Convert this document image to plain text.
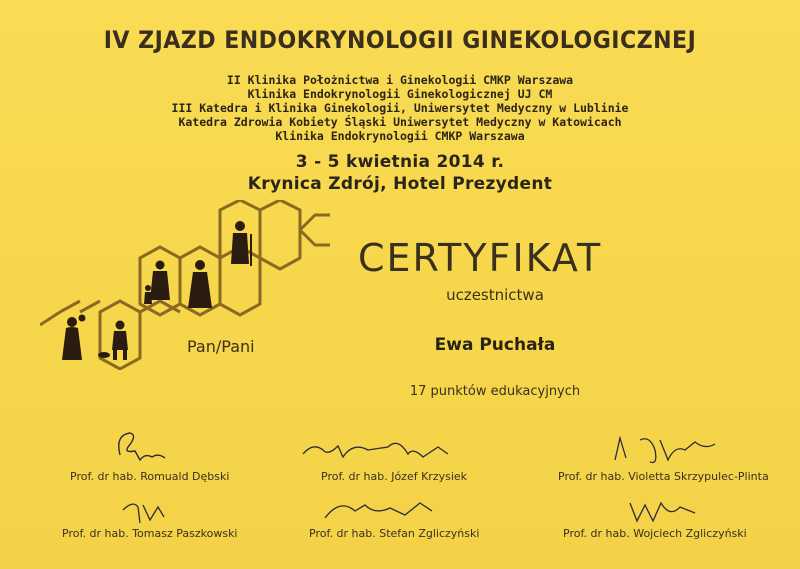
IV ZJAZD ENDOKRYNOLOGII GINEKOLOGICZNEJ
II Klinika Położnictwa i Ginekologii CMKP Warszawa
Klinika Endokrynologii Ginekologicznej UJ CM
III Katedra i Klinika Ginekologii, Uniwersytet Medyczny w Lublinie
Katedra Zdrowia Kobiety Śląski Uniwersytet Medyczny w Katowicach
Klinika Endokrynologii CMKP Warszawa
3 - 5 kwietnia 2014 r.
Krynica Zdrój, Hotel Prezydent
CERTYFIKAT
uczestnictwa
Pan/Pani	Ewa Puchała
17 punktów edukacyjnych
Prof. dr hab. Romuald Dębski	Prof. dr hab. Józef Krzysiek	Prof. dr hab. Violetta Skrzypulec-Plinta
Prof. dr hab. Tomasz Paszkowski	Prof. dr hab. Stefan Zgliczyński	Prof. dr hab. Wojciech Zgliczyński
